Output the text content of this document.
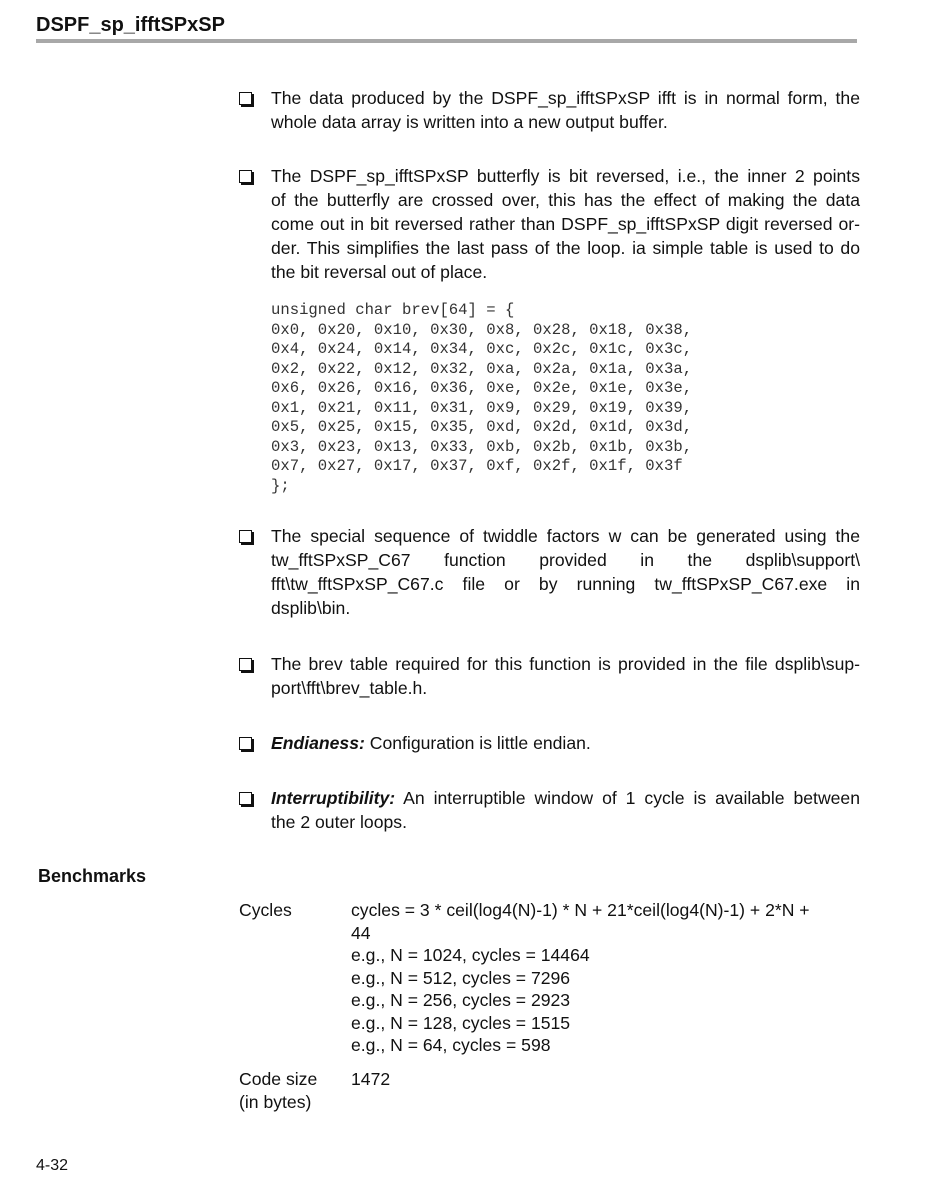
DSPF_sp_ifftSPxSP
The data produced by the DSPF_sp_ifftSPxSP ifft is in normal form, the
whole data array is written into a new output buffer.
The DSPF_sp_ifftSPxSP butterfly is bit reversed, i.e., the inner 2 points
of the butterfly are crossed over, this has the effect of making the data
come out in bit reversed rather than DSPF_sp_ifftSPxSP digit reversed or-
der. This simplifies the last pass of the loop. ia simple table is used to do
the bit reversal out of place.
unsigned char brev[64] = {
0x0, 0x20, 0x10, 0x30, 0x8, 0x28, 0x18, 0x38,
0x4, 0x24, 0x14, 0x34, 0xc, 0x2c, 0x1c, 0x3c,
0x2, 0x22, 0x12, 0x32, 0xa, 0x2a, 0x1a, 0x3a,
0x6, 0x26, 0x16, 0x36, 0xe, 0x2e, 0x1e, 0x3e,
0x1, 0x21, 0x11, 0x31, 0x9, 0x29, 0x19, 0x39,
0x5, 0x25, 0x15, 0x35, 0xd, 0x2d, 0x1d, 0x3d,
0x3, 0x23, 0x13, 0x33, 0xb, 0x2b, 0x1b, 0x3b,
0x7, 0x27, 0x17, 0x37, 0xf, 0x2f, 0x1f, 0x3f
};
The special sequence of twiddle factors w can be generated using the
tw_fftSPxSP_C67 function provided in the dsplib\support\
fft\tw_fftSPxSP_C67.c file or by running tw_fftSPxSP_C67.exe in
dsplib\bin.
The brev table required for this function is provided in the file dsplib\sup-
port\fft\brev_table.h.
Endianess: Configuration is little endian.
Interruptibility: An interruptible window of 1 cycle is available between
the 2 outer loops.
Benchmarks
Cycles	cycles = 3 * ceil(log4(N)-1) * N + 21*ceil(log4(N)-1) + 2*N +
44
e.g., N = 1024, cycles = 14464
e.g., N = 512, cycles = 7296
e.g., N = 256, cycles = 2923
e.g., N = 128, cycles = 1515
e.g., N = 64, cycles = 598
Code size
(in bytes)
1472
4-32
